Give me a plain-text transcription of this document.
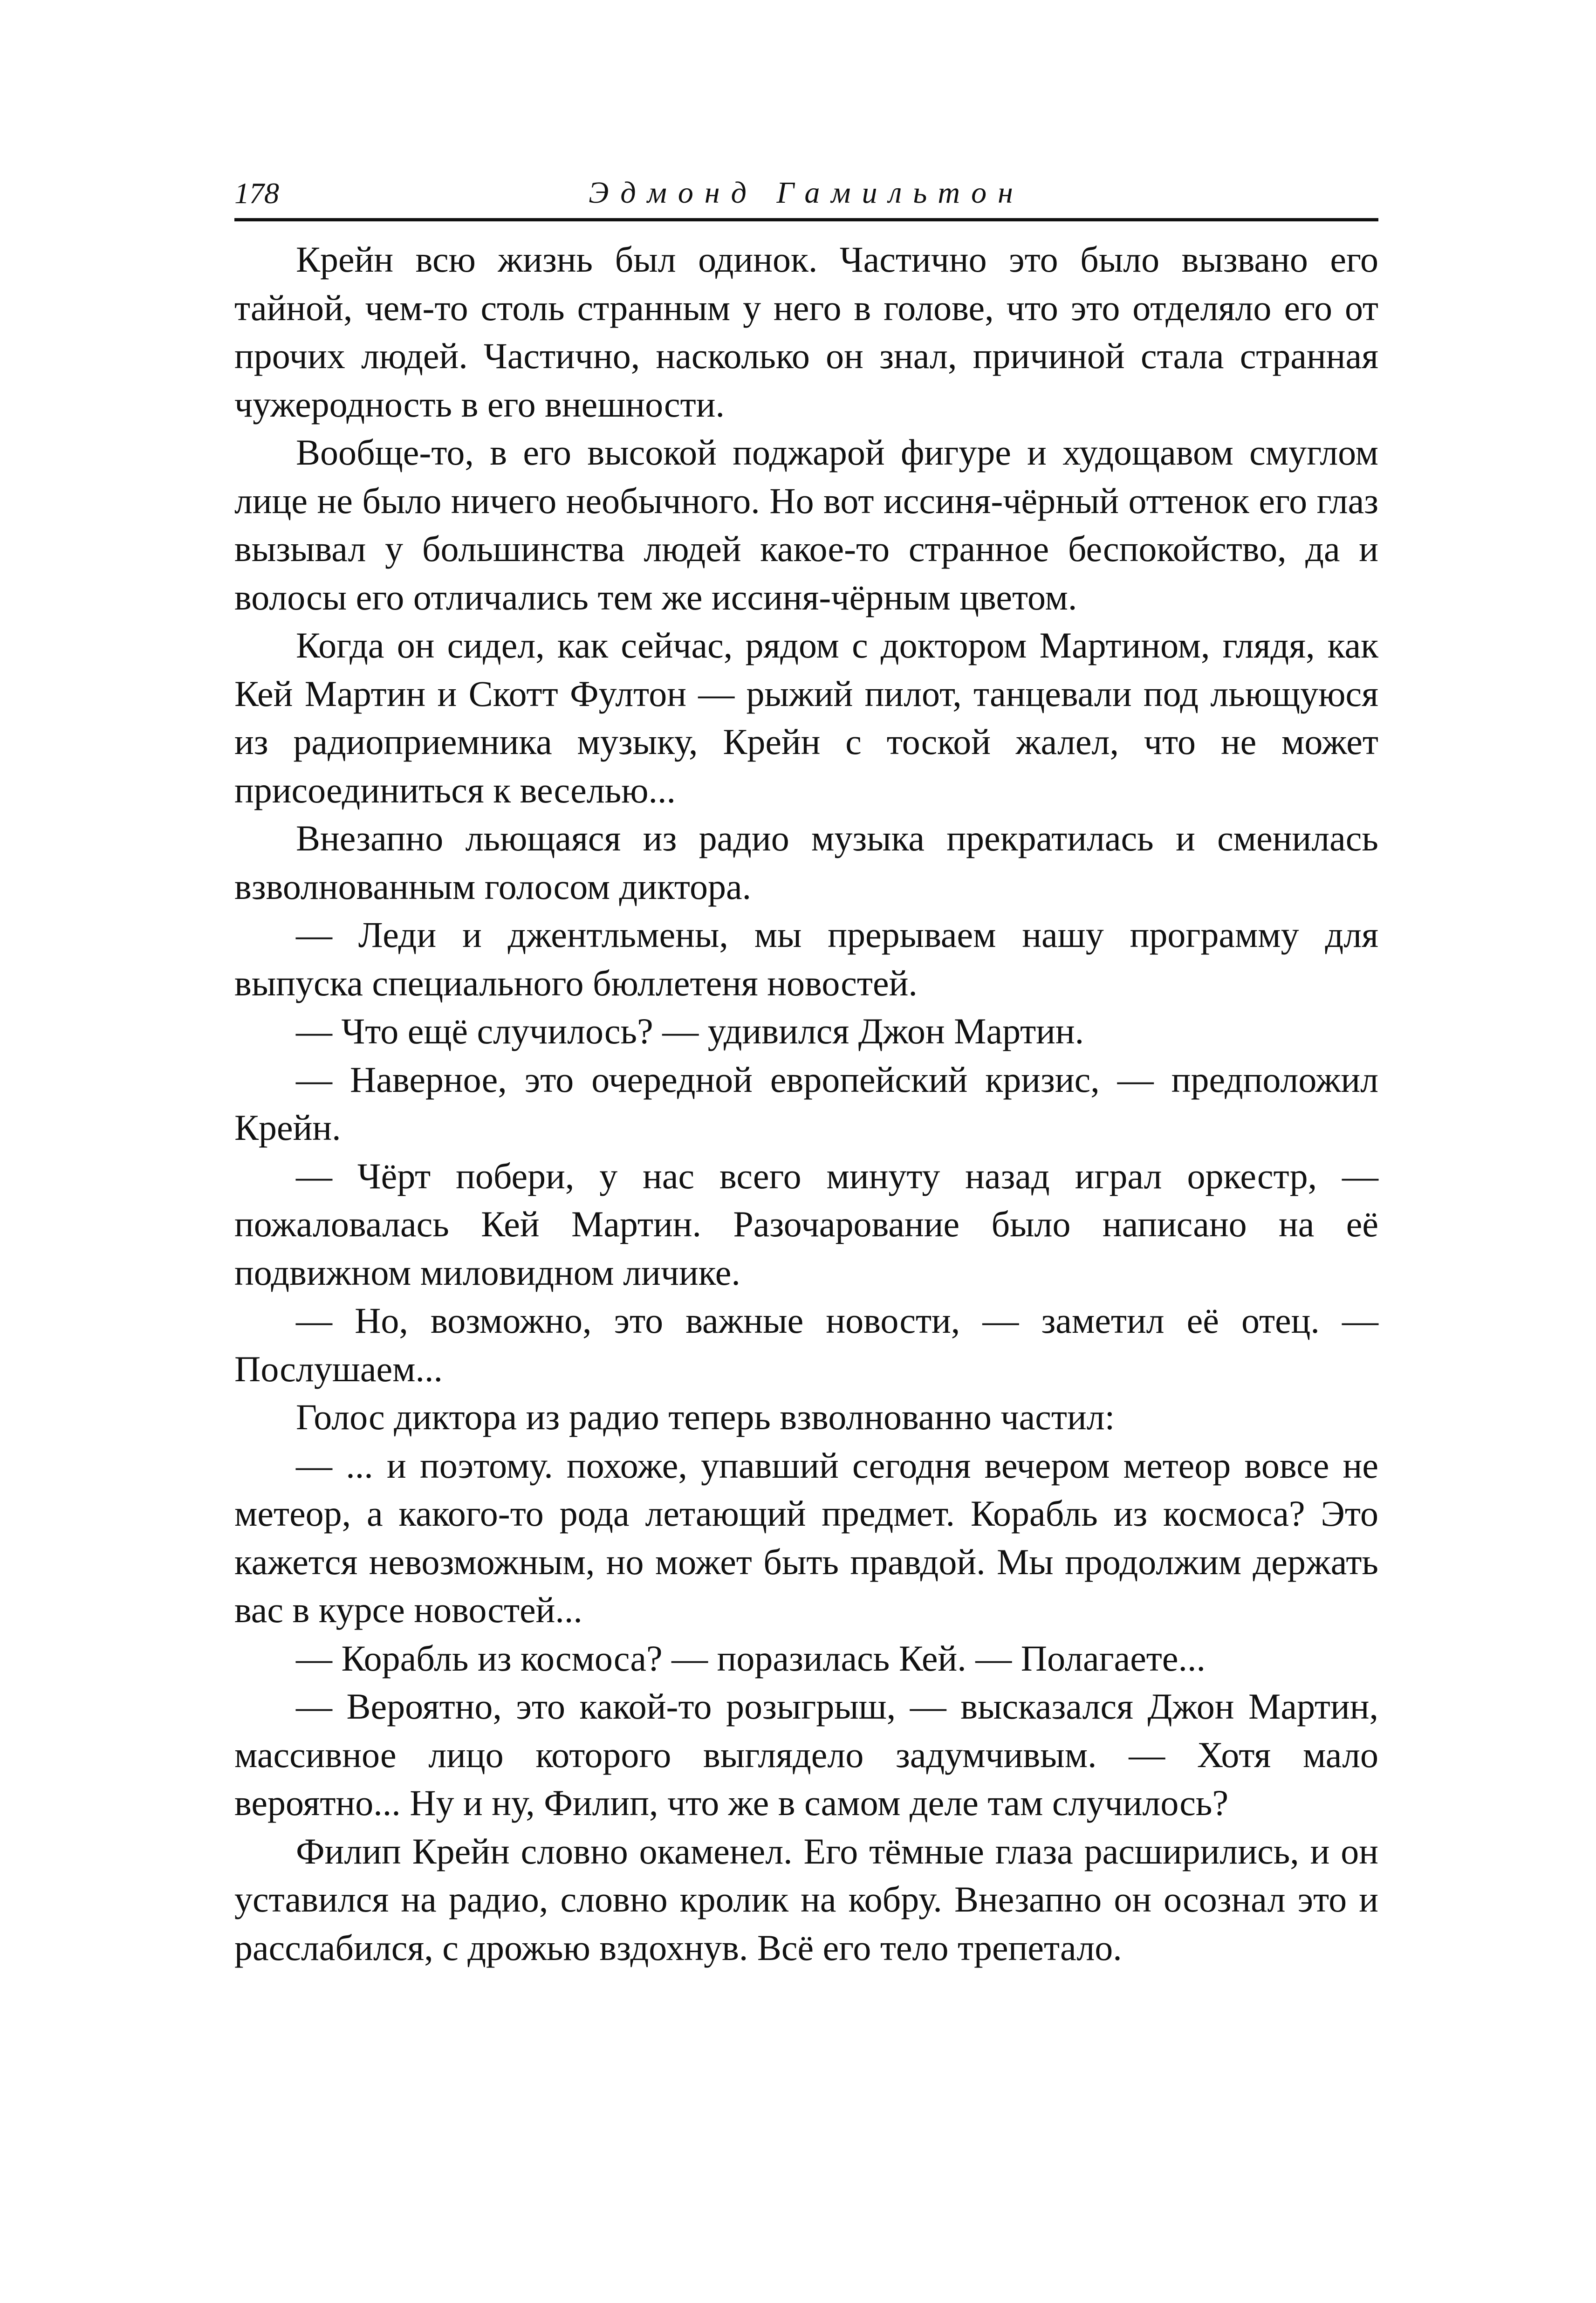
178	Эдмонд Гамильтон

Крейн всю жизнь был одинок. Частично это было вызвано его тайной, чем-то столь странным у него в голове, что это отделяло его от прочих людей. Частично, насколько он знал, причиной стала странная чужеродность в его внешности.

Вообще-то, в его высокой поджарой фигуре и худощавом смуглом лице не было ничего необычного. Но вот иссиня-чёрный оттенок его глаз вызывал у большинства людей какое-то странное беспокойство, да и волосы его отличались тем же иссиня-чёрным цветом.

Когда он сидел, как сейчас, рядом с доктором Мартином, глядя, как Кей Мартин и Скотт Фултон — рыжий пилот, танцевали под льющуюся из радиоприемника музыку, Крейн с тоской жалел, что не может присоединиться к веселью...

Внезапно льющаяся из радио музыка прекратилась и сменилась взволнованным голосом диктора.

— Леди и джентльмены, мы прерываем нашу программу для выпуска специального бюллетеня новостей.

— Что ещё случилось? — удивился Джон Мартин.

— Наверное, это очередной европейский кризис, — предположил Крейн.

— Чёрт побери, у нас всего минуту назад играл оркестр, — пожаловалась Кей Мартин. Разочарование было написано на её подвижном миловидном личике.

— Но, возможно, это важные новости, — заметил её отец. — Послушаем...

Голос диктора из радио теперь взволнованно частил:

— ... и поэтому. похоже, упавший сегодня вечером метеор вовсе не метеор, а какого-то рода летающий предмет. Корабль из космоса? Это кажется невозможным, но может быть правдой. Мы продолжим держать вас в курсе новостей...

— Корабль из космоса? — поразилась Кей. — Полагаете...

— Вероятно, это какой-то розыгрыш, — высказался Джон Мартин, массивное лицо которого выглядело задумчивым. — Хотя мало вероятно... Ну и ну, Филип, что же в самом деле там случилось?

Филип Крейн словно окаменел. Его тёмные глаза расширились, и он уставился на радио, словно кролик на кобру. Внезапно он осознал это и расслабился, с дрожью вздохнув. Всё его тело трепетало.
